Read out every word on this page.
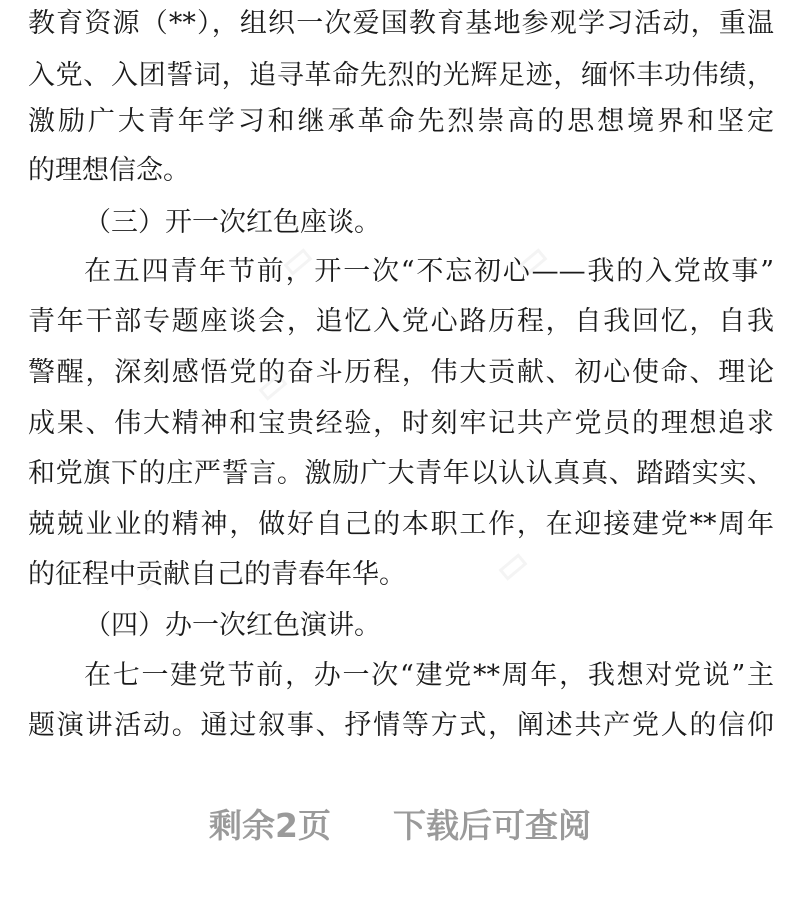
教育资源（**），组织一次爱国教育基地参观学习活动，重温
入党、入团誓词，追寻革命先烈的光辉足迹，缅怀丰功伟绩，
激励广大青年学习和继承革命先烈崇高的思想境界和坚定
的理想信念。
（三）开一次红色座谈。
在五四青年节前，开一次“不忘初心——我的入党故事”
青年干部专题座谈会，追忆入党心路历程，自我回忆，自我
警醒，深刻感悟党的奋斗历程，伟大贡献、初心使命、理论
成果、伟大精神和宝贵经验，时刻牢记共产党员的理想追求
和党旗下的庄严誓言。激励广大青年以认认真真、踏踏实实、
兢兢业业的精神，做好自己的本职工作，在迎接建党**周年
的征程中贡献自己的青春年华。
（四）办一次红色演讲。
在七一建党节前，办一次“建党**周年，我想对党说”主
题演讲活动。通过叙事、抒情等方式，阐述共产党人的信仰
剩余2页 下载后可查阅
